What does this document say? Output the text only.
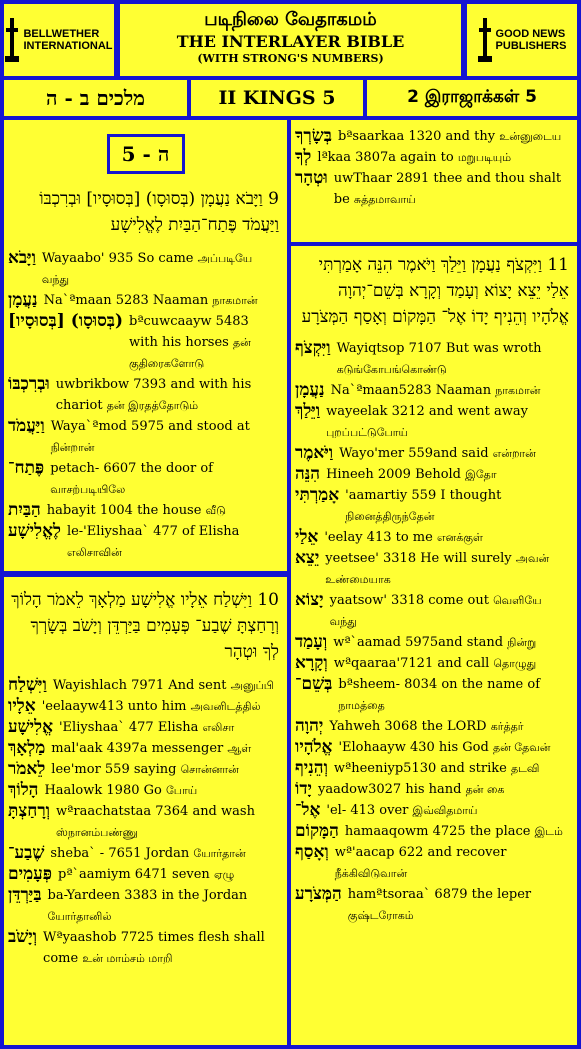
BELLWETHER
INTERNATIONAL
படிநிலை வேதாகமம்
THE INTERLAYER BIBLE
(WITH STRONG'S NUMBERS)
GOOD NEWS
PUBLISHERS
מלכים ב - ה	II KINGS 5	2 இராஜாக்கள் 5
ה - 5
9 וַיָּבֹא נַעֲמָן (בְּסוּסָו) [בְּסוּסָיו] וּבְרִכְבּוֹ וַיַּעֲמֹד פֶּתַח־הַבַּיִת לֶאֱלִישָׁע
וַיָּבֹא Wayaabo' 935 So came அப்படியே வந்து
נַעֲמָן Na`ªmaan 5283 Naaman நாகமான்
(בְּסוּסָו) [בְּסוּסָיו] bªcuwcaayw 5483 with his horses தன் குதிரைகளோடு
וּבְרִכְבּוֹ uwbrikbow 7393 and with his chariot தன் இரதத்தோடும்
וַיַּעֲמֹד Waya`ªmod 5975 and stood at நின்றான்
פֶּתַח־ petach- 6607 the door of வாசற்படியிலே
הַבַּיִת habayit 1004 the house வீடு
לֶאֱלִישָׁע le-'Eliyshaa` 477 of Elisha எலிசாவின்
10 וַיִּשְׁלַח אֵלָיו אֱלִישָׁע מַלְאָךְ לֵאמֹר הָלוֹךְ וְרָחַצְתָּ שֶׁבַע־ פְּעָמִים בַּיַּרְדֵּן וְיָשֹׁב בְּשָׂרְךָ לְךָ וּטְהָר
וַיִּשְׁלַח Wayishlach 7971 And sent அனுப்பி
אֵלָיו 'eelaayw413 unto him அவனிடத்தில்
אֱלִישָׁע 'Eliyshaa` 477 Elisha எலிசா
מַלְאָךְ mal'aak 4397a messenger ஆள்
לֵאמֹר lee'mor 559 saying சொன்னான்
הָלוֹךְ Haalowk 1980 Go போய்
וְרָחַצְתָּ wªraachatstaa 7364 and wash ஸ்நானம்பண்ணு
שֶׁבַע־ sheba` - 7651 Jordan யோர்தான்
פְּעָמִים pª`aamiym 6471 seven ஏழு
בַּיַּרְדֵּן ba-Yardeen 3383 in the Jordan யோர்தானில்
וְיָשֹׁב Wªyaashob 7725 times flesh shall come உன் மாம்சம் மாறி
בְּשָׂרְךָ bªsaarkaa 1320 and thy உன்னுடைய
לְךָ lªkaa 3807a again to மறுபடியும்
וּטְהָר uwThaar 2891 thee and thou shalt be சுத்தமாவாய்
11 וַיִּקְצֹף נַעֲמָן וַיֵּלַךְ וַיֹּאמֶר הִנֵּה אָמַרְתִּי אֵלַי יֵצֵא יָצוֹא וְעָמַד וְקָרָא בְּשֵׁם־יְהוָה אֱלֹהָיו וְהֵנִיף יָדוֹ אֶל־ הַמָּקוֹם וְאָסַף הַמְּצֹרָע
וַיִּקְצֹף Wayiqtsop 7107 But was wroth கடுங்கோபங்கொண்டு
נַעֲמָן Na`ªmaan5283 Naaman நாகமான்
וַיֵּלַךְ wayeelak 3212 and went away புறப்பட்டுபோய்
וַיֹּאמֶר Wayo'mer 559and said என்றான்
הִנֵּה Hineeh 2009 Behold இதோ
אָמַרְתִּי 'aamartiy 559 I thought நினைத்திருந்தேன்
אֵלַי 'eelay 413 to me எனக்குள்
יֵצֵא yeetsee' 3318 He will surely அவன் உண்மையாக
יָצוֹא yaatsow' 3318 come out வெளியே வந்து
וְעָמַד wª`aamad 5975and stand நின்று
וְקָרָא wªqaaraa'7121 and call தொழுது
בְּשֵׁם־ bªsheem- 8034 on the name of நாமத்தை
יְהוָה Yahweh 3068 the LORD கர்த்தர்
אֱלֹהָיו 'Elohaayw 430 his God தன் தேவன்
וְהֵנִיף wªheeniyp5130 and strike தடவி
יָדוֹ yaadow3027 his hand தன் கை
אֶל־ 'el- 413 over இவ்விதமாய்
הַמָּקוֹם hamaaqowm 4725 the place இடம்
וְאָסַף wª'aacap 622 and recover நீக்கிவிடுவான்
הַמְּצֹרָע hamªtsoraa` 6879 the leper குஷ்டரோகம்
